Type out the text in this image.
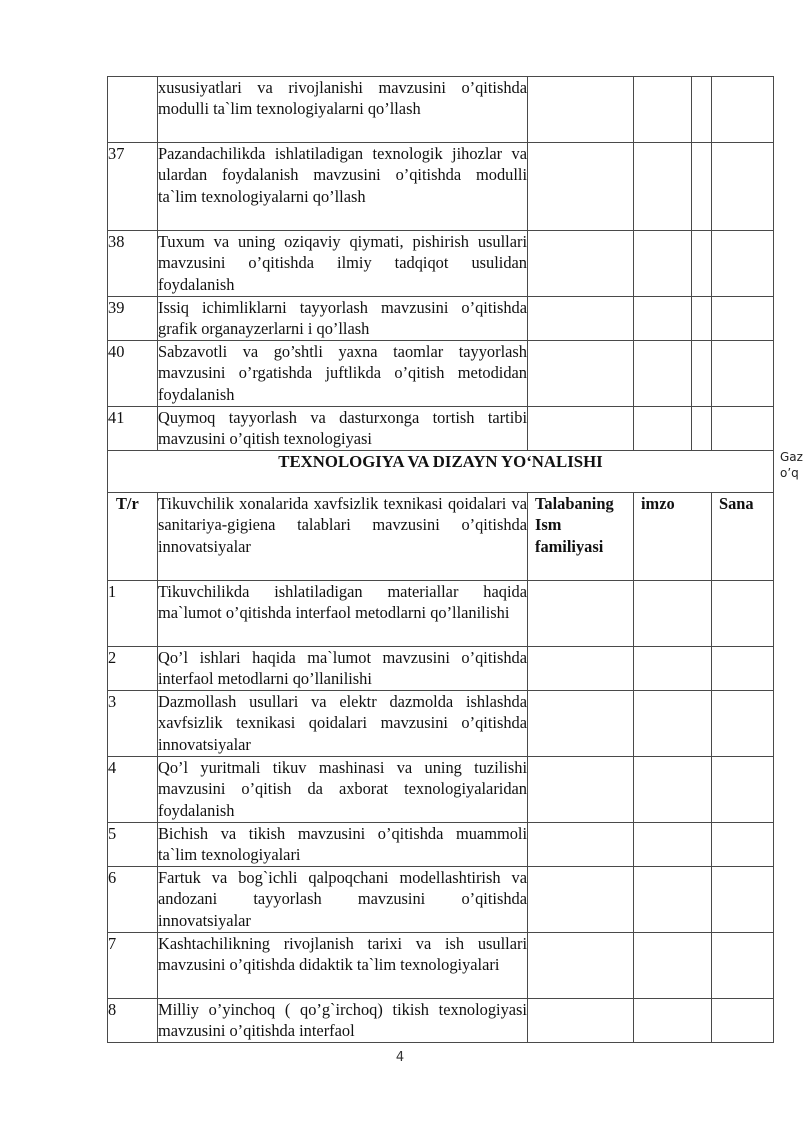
	xususiyatlari va rivojlanishi mavzusini o’qitishda modulli ta`lim texnologiyalarni qo’llash				
37	Pazandachilikda ishlatiladigan texnologik jihozlar va ulardan foydalanish mavzusini o’qitishda modulli ta`lim texnologiyalarni qo’llash				
38	Tuxum va uning oziqaviy qiymati, pishirish usullari mavzusini o’qitishda ilmiy tadqiqot usulidan foydalanish				
39	Issiq ichimliklarni tayyorlash mavzusini o’qitishda grafik organayzerlarni i qo’llash				
40	Sabzavotli va go’shtli yaxna taomlar tayyorlash mavzusini o’rgatishda juftlikda o’qitish metodidan foydalanish				
41	Quymoq tayyorlash va dasturxonga tortish tartibi mavzusini o’qitish texnologiyasi				
TEXNOLOGIYA VA DIZAYN YO‘NALISHI					
T/r	Tikuvchilik xonalarida xavfsizlik texnikasi qoidalari va sanitariya-gigiena talablari mavzusini o’qitishda innovatsiyalar	Talabaning Ism familiyasi	imzo		Sana
1	Tikuvchilikda ishlatiladigan materiallar haqida ma`lumot o’qitishda interfaol metodlarni qo’llanilishi				
2	Qo’l ishlari haqida ma`lumot mavzusini o’qitishda interfaol metodlarni qo’llanilishi				
3	Dazmollash usullari va elektr dazmolda ishlashda xavfsizlik texnikasi qoidalari mavzusini o’qitishda innovatsiyalar				
4	Qo’l yuritmali tikuv mashinasi va uning tuzilishi mavzusini o’qitish da axborat texnologiyalaridan foydalanish				
5	Bichish va tikish mavzusini o’qitishda muammoli ta`lim texnologiyalari				
6	Fartuk va bog`ichli qalpoqchani modellashtirish va andozani tayyorlash mavzusini o’qitishda innovatsiyalar				
7	Kashtachilikning rivojlanish tarixi va ish usullari mavzusini o’qitishda didaktik ta`lim texnologiyalari				
8	Milliy o’yinchoq ( qo’g`irchoq) tikish texnologiyasi mavzusini o’qitishda interfaol				
Gaz
o’q
4
